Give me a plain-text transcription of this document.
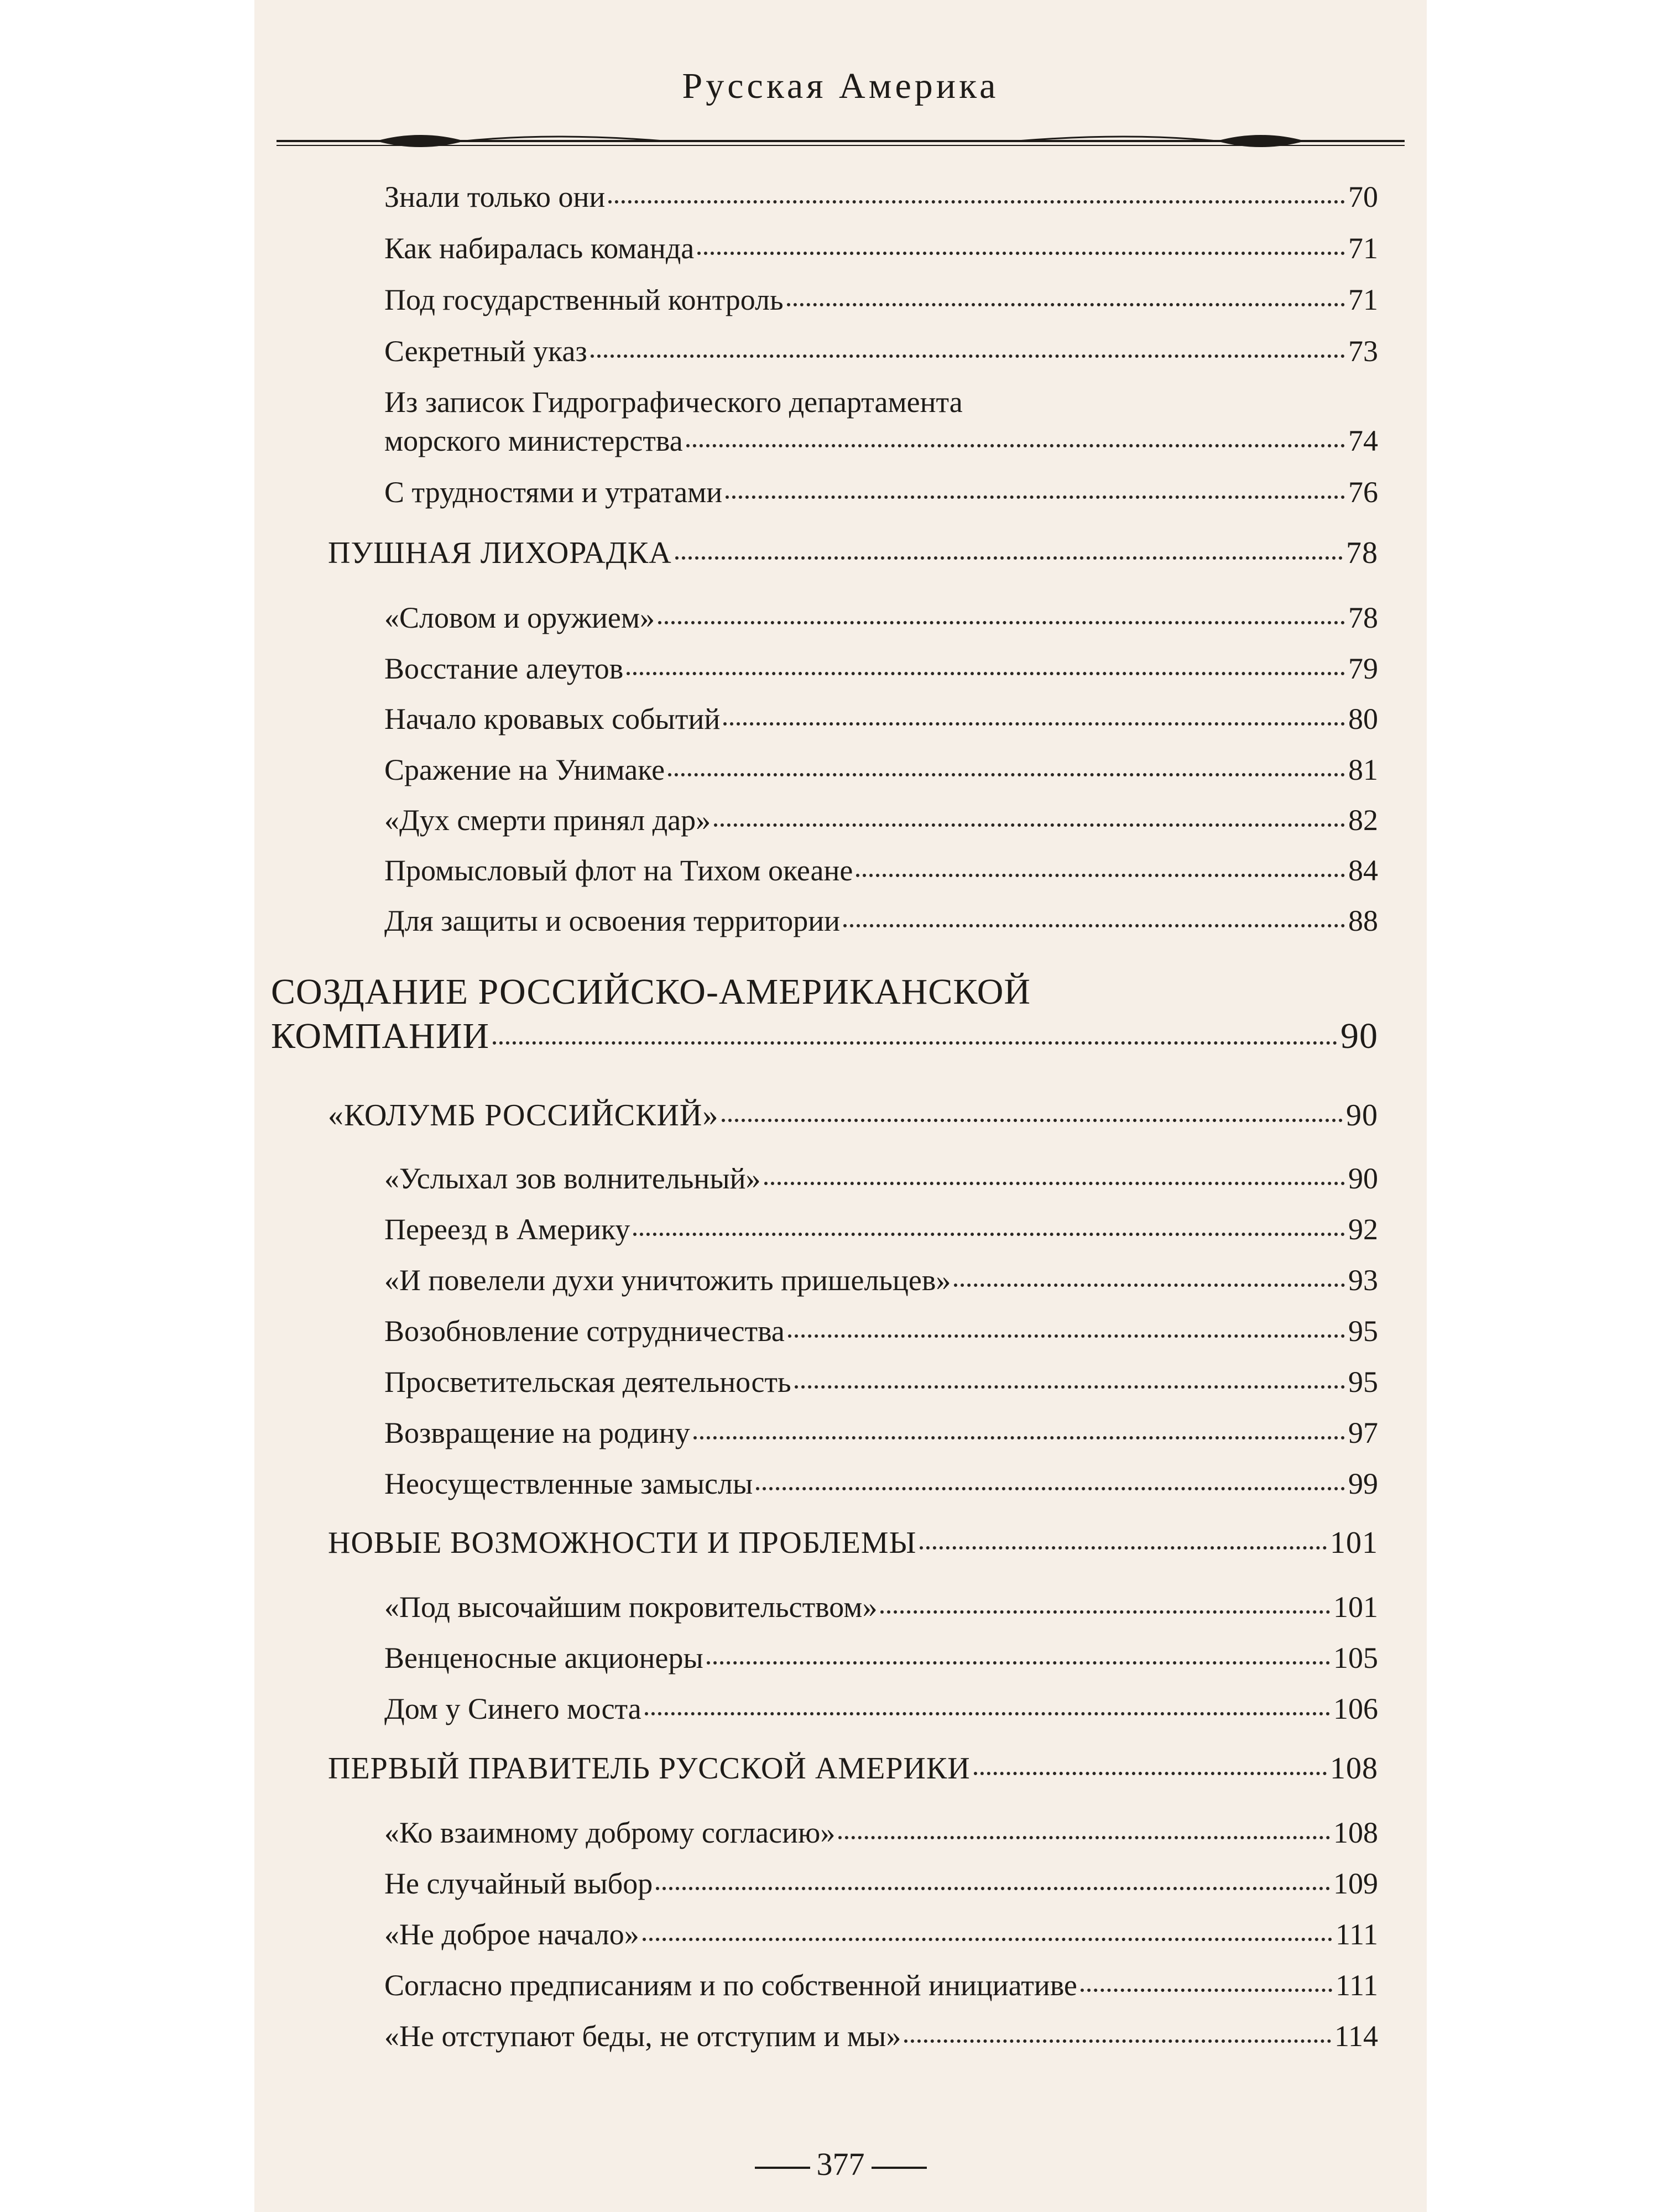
Русская Америка
Знали только они	70
Как набиралась команда	71
Под государственный контроль	71
Секретный указ	73
Из записок Гидрографического департамента
морского министерства	74
С трудностями и утратами	76
ПУШНАЯ ЛИХОРАДКА	78
«Словом и оружием»	78
Восстание алеутов	79
Начало кровавых событий	80
Сражение на Унимаке	81
«Дух смерти принял дар»	82
Промысловый флот на Тихом океане	84
Для защиты и освоения территории	88
СОЗДАНИЕ РОССИЙСКО-АМЕРИКАНСКОЙ
КОМПАНИИ	90
«КОЛУМБ РОССИЙСКИЙ»	90
«Услыхал зов волнительный»	90
Переезд в Америку	92
«И повелели духи уничтожить пришельцев»	93
Возобновление сотрудничества	95
Просветительская деятельность	95
Возвращение на родину	97
Неосуществленные замыслы	99
НОВЫЕ ВОЗМОЖНОСТИ И ПРОБЛЕМЫ	101
«Под высочайшим покровительством»	101
Венценосные акционеры	105
Дом у Синего моста	106
ПЕРВЫЙ ПРАВИТЕЛЬ РУССКОЙ АМЕРИКИ	108
«Ко взаимному доброму согласию»	108
Не случайный выбор	109
«Не доброе начало»	111
Согласно предписаниям и по собственной инициативе	111
«Не отступают беды, не отступим и мы»	114
377
